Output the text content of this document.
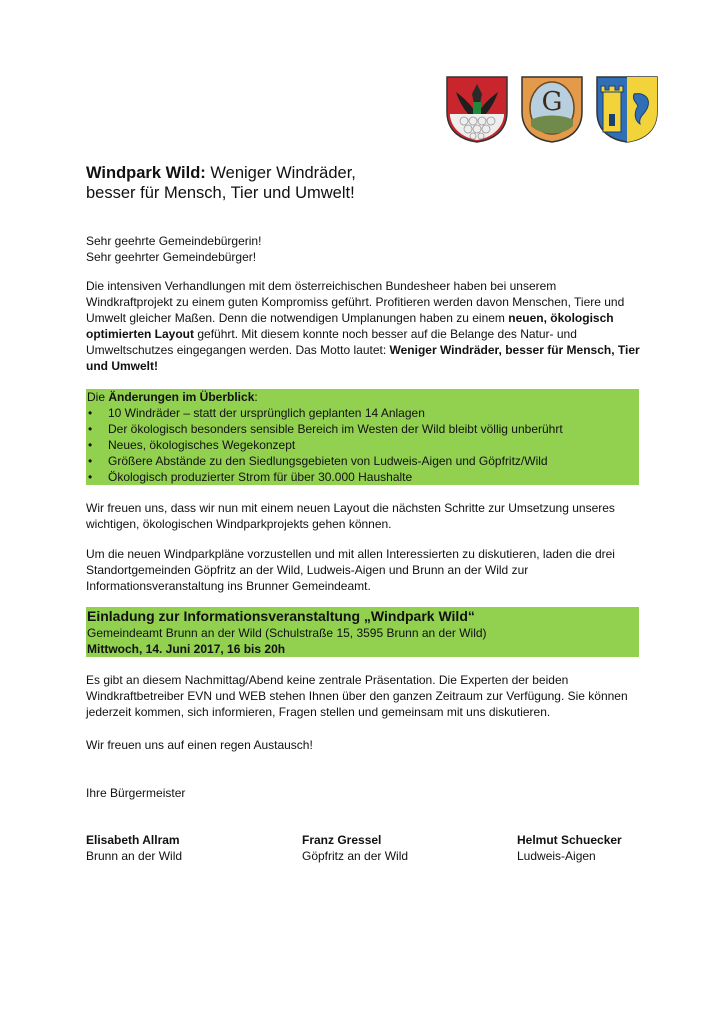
G
Windpark Wild: Weniger Windräder,
besser für Mensch, Tier und Umwelt!

Sehr geehrte Gemeindebürgerin!
Sehr geehrter Gemeindebürger!

Die intensiven Verhandlungen mit dem österreichischen Bundesheer haben bei unserem Windkraftprojekt zu einem guten Kompromiss geführt. Profitieren werden davon Menschen, Tiere und Umwelt gleicher Maßen. Denn die notwendigen Umplanungen haben zu einem neuen, ökologisch optimierten Layout geführt. Mit diesem konnte noch besser auf die Belange des Natur- und Umweltschutzes eingegangen werden. Das Motto lautet: Weniger Windräder, besser für Mensch, Tier und Umwelt!

Die Änderungen im Überblick:
• 10 Windräder – statt der ursprünglich geplanten 14 Anlagen
• Der ökologisch besonders sensible Bereich im Westen der Wild bleibt völlig unberührt
• Neues, ökologisches Wegekonzept
• Größere Abstände zu den Siedlungsgebieten von Ludweis-Aigen und Göpfritz/Wild
• Ökologisch produzierter Strom für über 30.000 Haushalte

Wir freuen uns, dass wir nun mit einem neuen Layout die nächsten Schritte zur Umsetzung unseres wichtigen, ökologischen Windparkprojekts gehen können.

Um die neuen Windparkpläne vorzustellen und mit allen Interessierten zu diskutieren, laden die drei Standortgemeinden Göpfritz an der Wild, Ludweis-Aigen und Brunn an der Wild zur Informationsveranstaltung ins Brunner Gemeindeamt.

Einladung zur Informationsveranstaltung „Windpark Wild“
Gemeindeamt Brunn an der Wild (Schulstraße 15, 3595 Brunn an der Wild)
Mittwoch, 14. Juni 2017, 16 bis 20h

Es gibt an diesem Nachmittag/Abend keine zentrale Präsentation. Die Experten der beiden Windkraftbetreiber EVN und WEB stehen Ihnen über den ganzen Zeitraum zur Verfügung. Sie können jederzeit kommen, sich informieren, Fragen stellen und gemeinsam mit uns diskutieren.

Wir freuen uns auf einen regen Austausch!

Ihre Bürgermeister

Elisabeth Allram
Brunn an der Wild
Franz Gressel
Göpfritz an der Wild
Helmut Schuecker
Ludweis-Aigen
